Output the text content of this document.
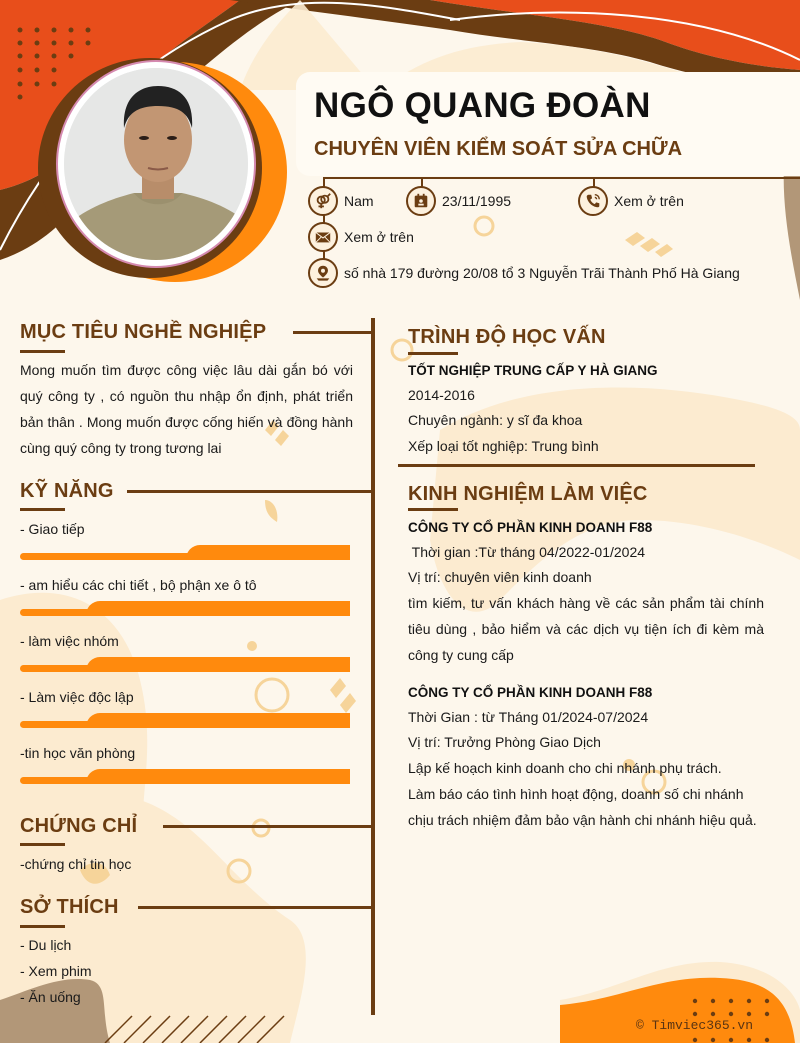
NGÔ QUANG ĐOÀN
CHUYÊN VIÊN KIỂM SOÁT SỬA CHỮA
Nam	23/11/1995	Xem ở trên
Xem ở trên
số nhà 179 đường 20/08 tổ 3 Nguyễn Trãi Thành Phố Hà Giang
MỤC TIÊU NGHỀ NGHIỆP
Mong muốn tìm được công việc lâu dài gắn bó với quý công ty , có nguồn thu nhập ổn định, phát triển bản thân . Mong muốn được cống hiến và đồng hành cùng quý công ty trong tương lai
KỸ NĂNG
- Giao tiếp
- am hiểu các chi tiết , bộ phận xe ô tô
- làm việc nhóm
- Làm việc độc lập
-tin học văn phòng
CHỨNG CHỈ
-chứng chỉ tin học
SỞ THÍCH
- Du lịch
- Xem phim
- Ăn uống
TRÌNH ĐỘ HỌC VẤN
TỐT NGHIỆP TRUNG CẤP Y HÀ GIANG
2014-2016
Chuyên ngành: y sĩ đa khoa
Xếp loại tốt nghiệp: Trung bình
KINH NGHIỆM LÀM VIỆC
CÔNG TY CỔ PHẦN KINH DOANH F88
Thời gian :Từ tháng 04/2022-01/2024
Vị trí: chuyên viên kinh doanh
tìm kiếm, tư vấn khách hàng về các sản phẩm tài chính tiêu dùng , bảo hiểm và các dịch vụ tiện ích đi kèm mà công ty cung cấp
CÔNG TY CỔ PHẦN KINH DOANH F88
Thời Gian : từ Tháng 01/2024-07/2024
Vị trí: Trưởng Phòng Giao Dịch
Lập kế hoạch kinh doanh cho chi nhánh phụ trách.
Làm báo cáo tình hình hoạt động, doanh số chi nhánh
chịu trách nhiệm đảm bảo vận hành chi nhánh hiệu quả.
© Timviec365.vn
